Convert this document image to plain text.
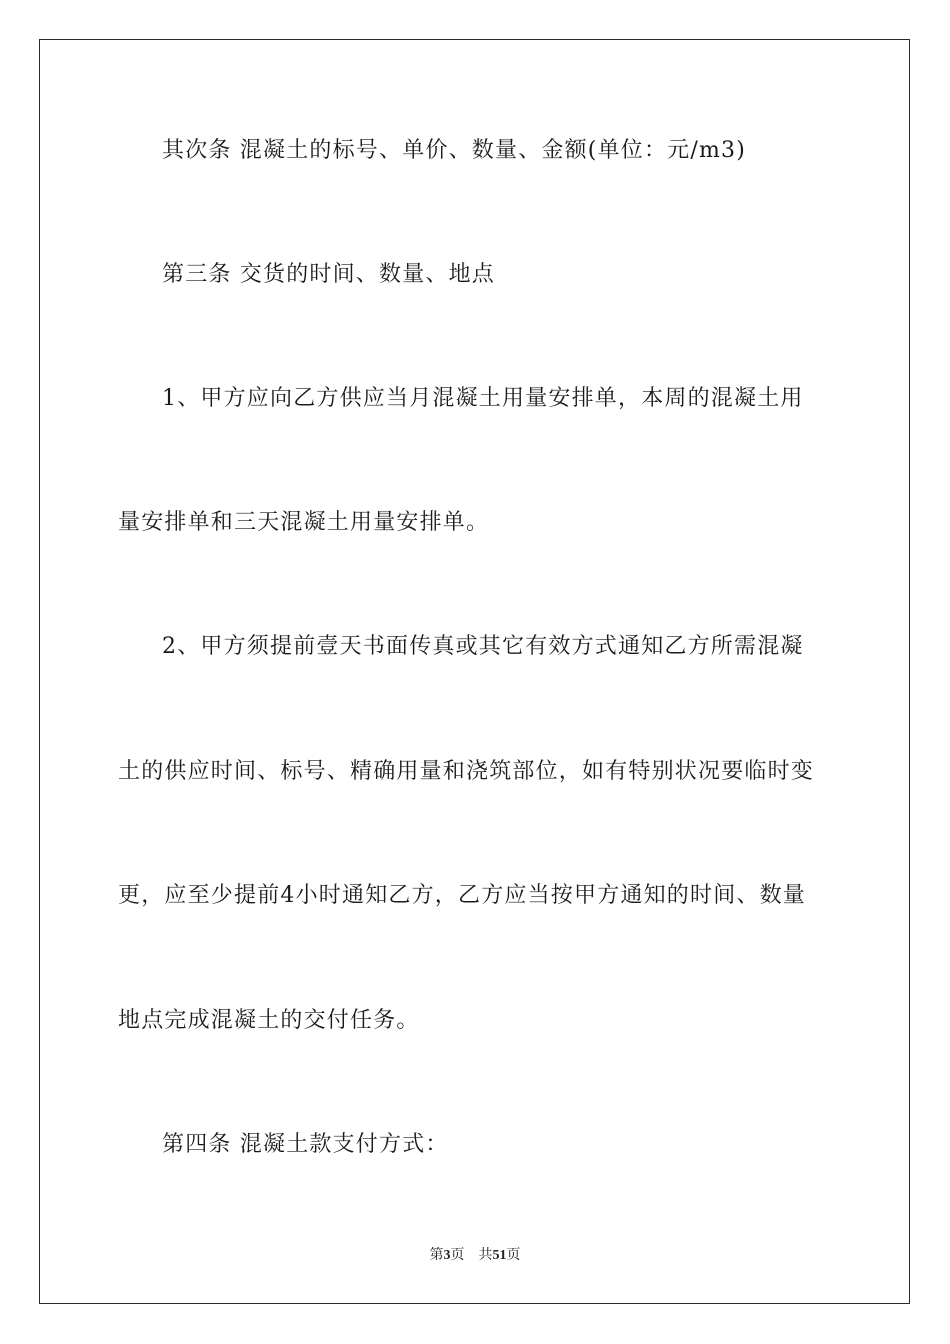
其次条 混凝土的标号、单价、数量、金额(单位：元/m3)
第三条 交货的时间、数量、地点
1、甲方应向乙方供应当月混凝土用量安排单，本周的混凝土用
量安排单和三天混凝土用量安排单。
2、甲方须提前壹天书面传真或其它有效方式通知乙方所需混凝
土的供应时间、标号、精确用量和浇筑部位，如有特别状况要临时变
更，应至少提前4小时通知乙方，乙方应当按甲方通知的时间、数量
地点完成混凝土的交付任务。
第四条 混凝土款支付方式：
第3页 共51页
